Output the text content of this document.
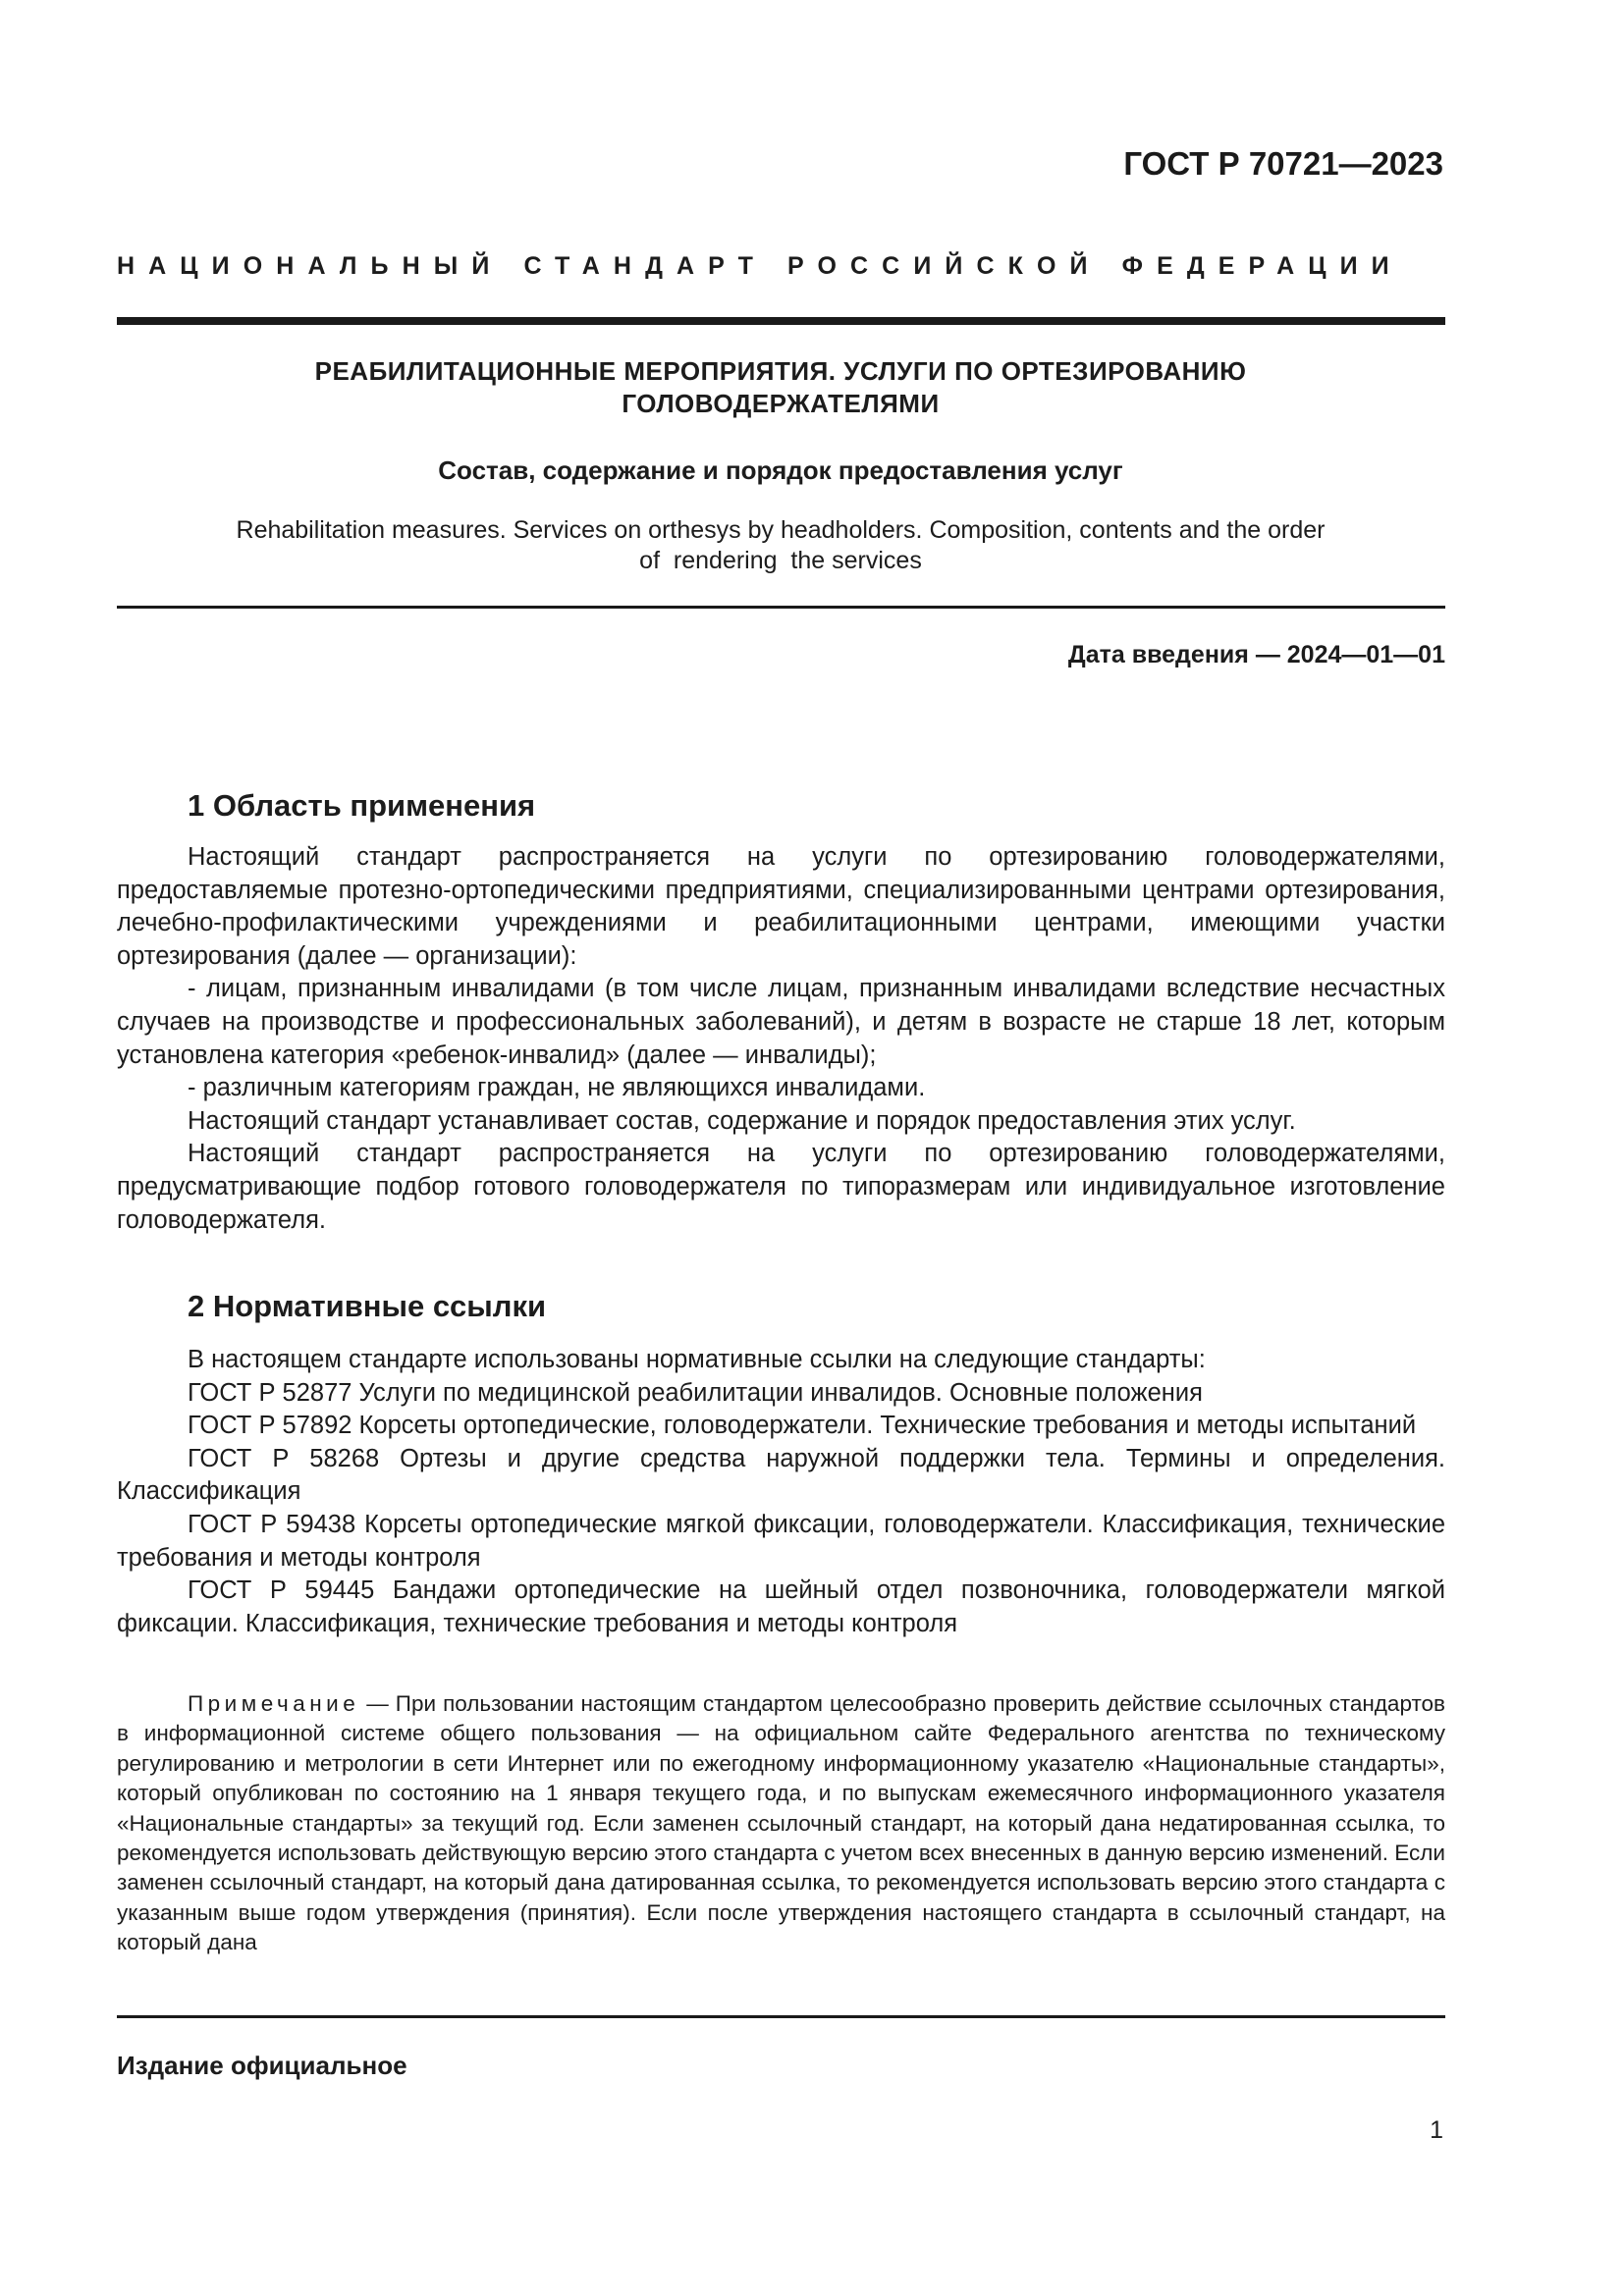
ГОСТ Р 70721—2023
НАЦИОНАЛЬНЫЙ СТАНДАРТ РОССИЙСКОЙ ФЕДЕРАЦИИ
РЕАБИЛИТАЦИОННЫЕ МЕРОПРИЯТИЯ. УСЛУГИ ПО ОРТЕЗИРОВАНИЮ
ГОЛОВОДЕРЖАТЕЛЯМИ
Состав, содержание и порядок предоставления услуг
Rehabilitation measures. Services on orthesys by headholders. Composition, contents and the order
of  rendering  the services
Дата введения — 2024—01—01
1 Область применения

Настоящий стандарт распространяется на услуги по ортезированию головодержателями, предоставляемые протезно-ортопедическими предприятиями, специализированными центрами ортезирования, лечебно-профилактическими учреждениями и реабилитационными центрами, имеющими участки ортезирования (далее — организации):

- лицам, признанным инвалидами (в том числе лицам, признанным инвалидами вследствие несчастных случаев на производстве и профессиональных заболеваний), и детям в возрасте не старше 18 лет, которым установлена категория «ребенок-инвалид» (далее — инвалиды);

- различным категориям граждан, не являющихся инвалидами.

Настоящий стандарт устанавливает состав, содержание и порядок предоставления этих услуг.

Настоящий стандарт распространяется на услуги по ортезированию головодержателями, предусматривающие подбор готового головодержателя по типоразмерам или индивидуальное изготовление головодержателя.

2 Нормативные ссылки

В настоящем стандарте использованы нормативные ссылки на следующие стандарты:

ГОСТ Р 52877 Услуги по медицинской реабилитации инвалидов. Основные положения

ГОСТ Р 57892 Корсеты ортопедические, головодержатели. Технические требования и методы испытаний

ГОСТ Р 58268 Ортезы и другие средства наружной поддержки тела. Термины и определения. Классификация

ГОСТ Р 59438 Корсеты ортопедические мягкой фиксации, головодержатели. Классификация, технические требования и методы контроля

ГОСТ Р 59445 Бандажи ортопедические на шейный отдел позвоночника, головодержатели мягкой фиксации. Классификация, технические требования и методы контроля

Примечание — При пользовании настоящим стандартом целесообразно проверить действие ссылочных стандартов в информационной системе общего пользования — на официальном сайте Федерального агентства по техническому регулированию и метрологии в сети Интернет или по ежегодному информационному указателю «Национальные стандарты», который опубликован по состоянию на 1 января текущего года, и по выпускам ежемесячного информационного указателя «Национальные стандарты» за текущий год. Если заменен ссылочный стандарт, на который дана недатированная ссылка, то рекомендуется использовать действующую версию этого стандарта с учетом всех внесенных в данную версию изменений. Если заменен ссылочный стандарт, на который дана датированная ссылка, то рекомендуется использовать версию этого стандарта с указанным выше годом утверждения (принятия). Если после утверждения настоящего стандарта в ссылочный стандарт, на который дана

Издание официальное
1
